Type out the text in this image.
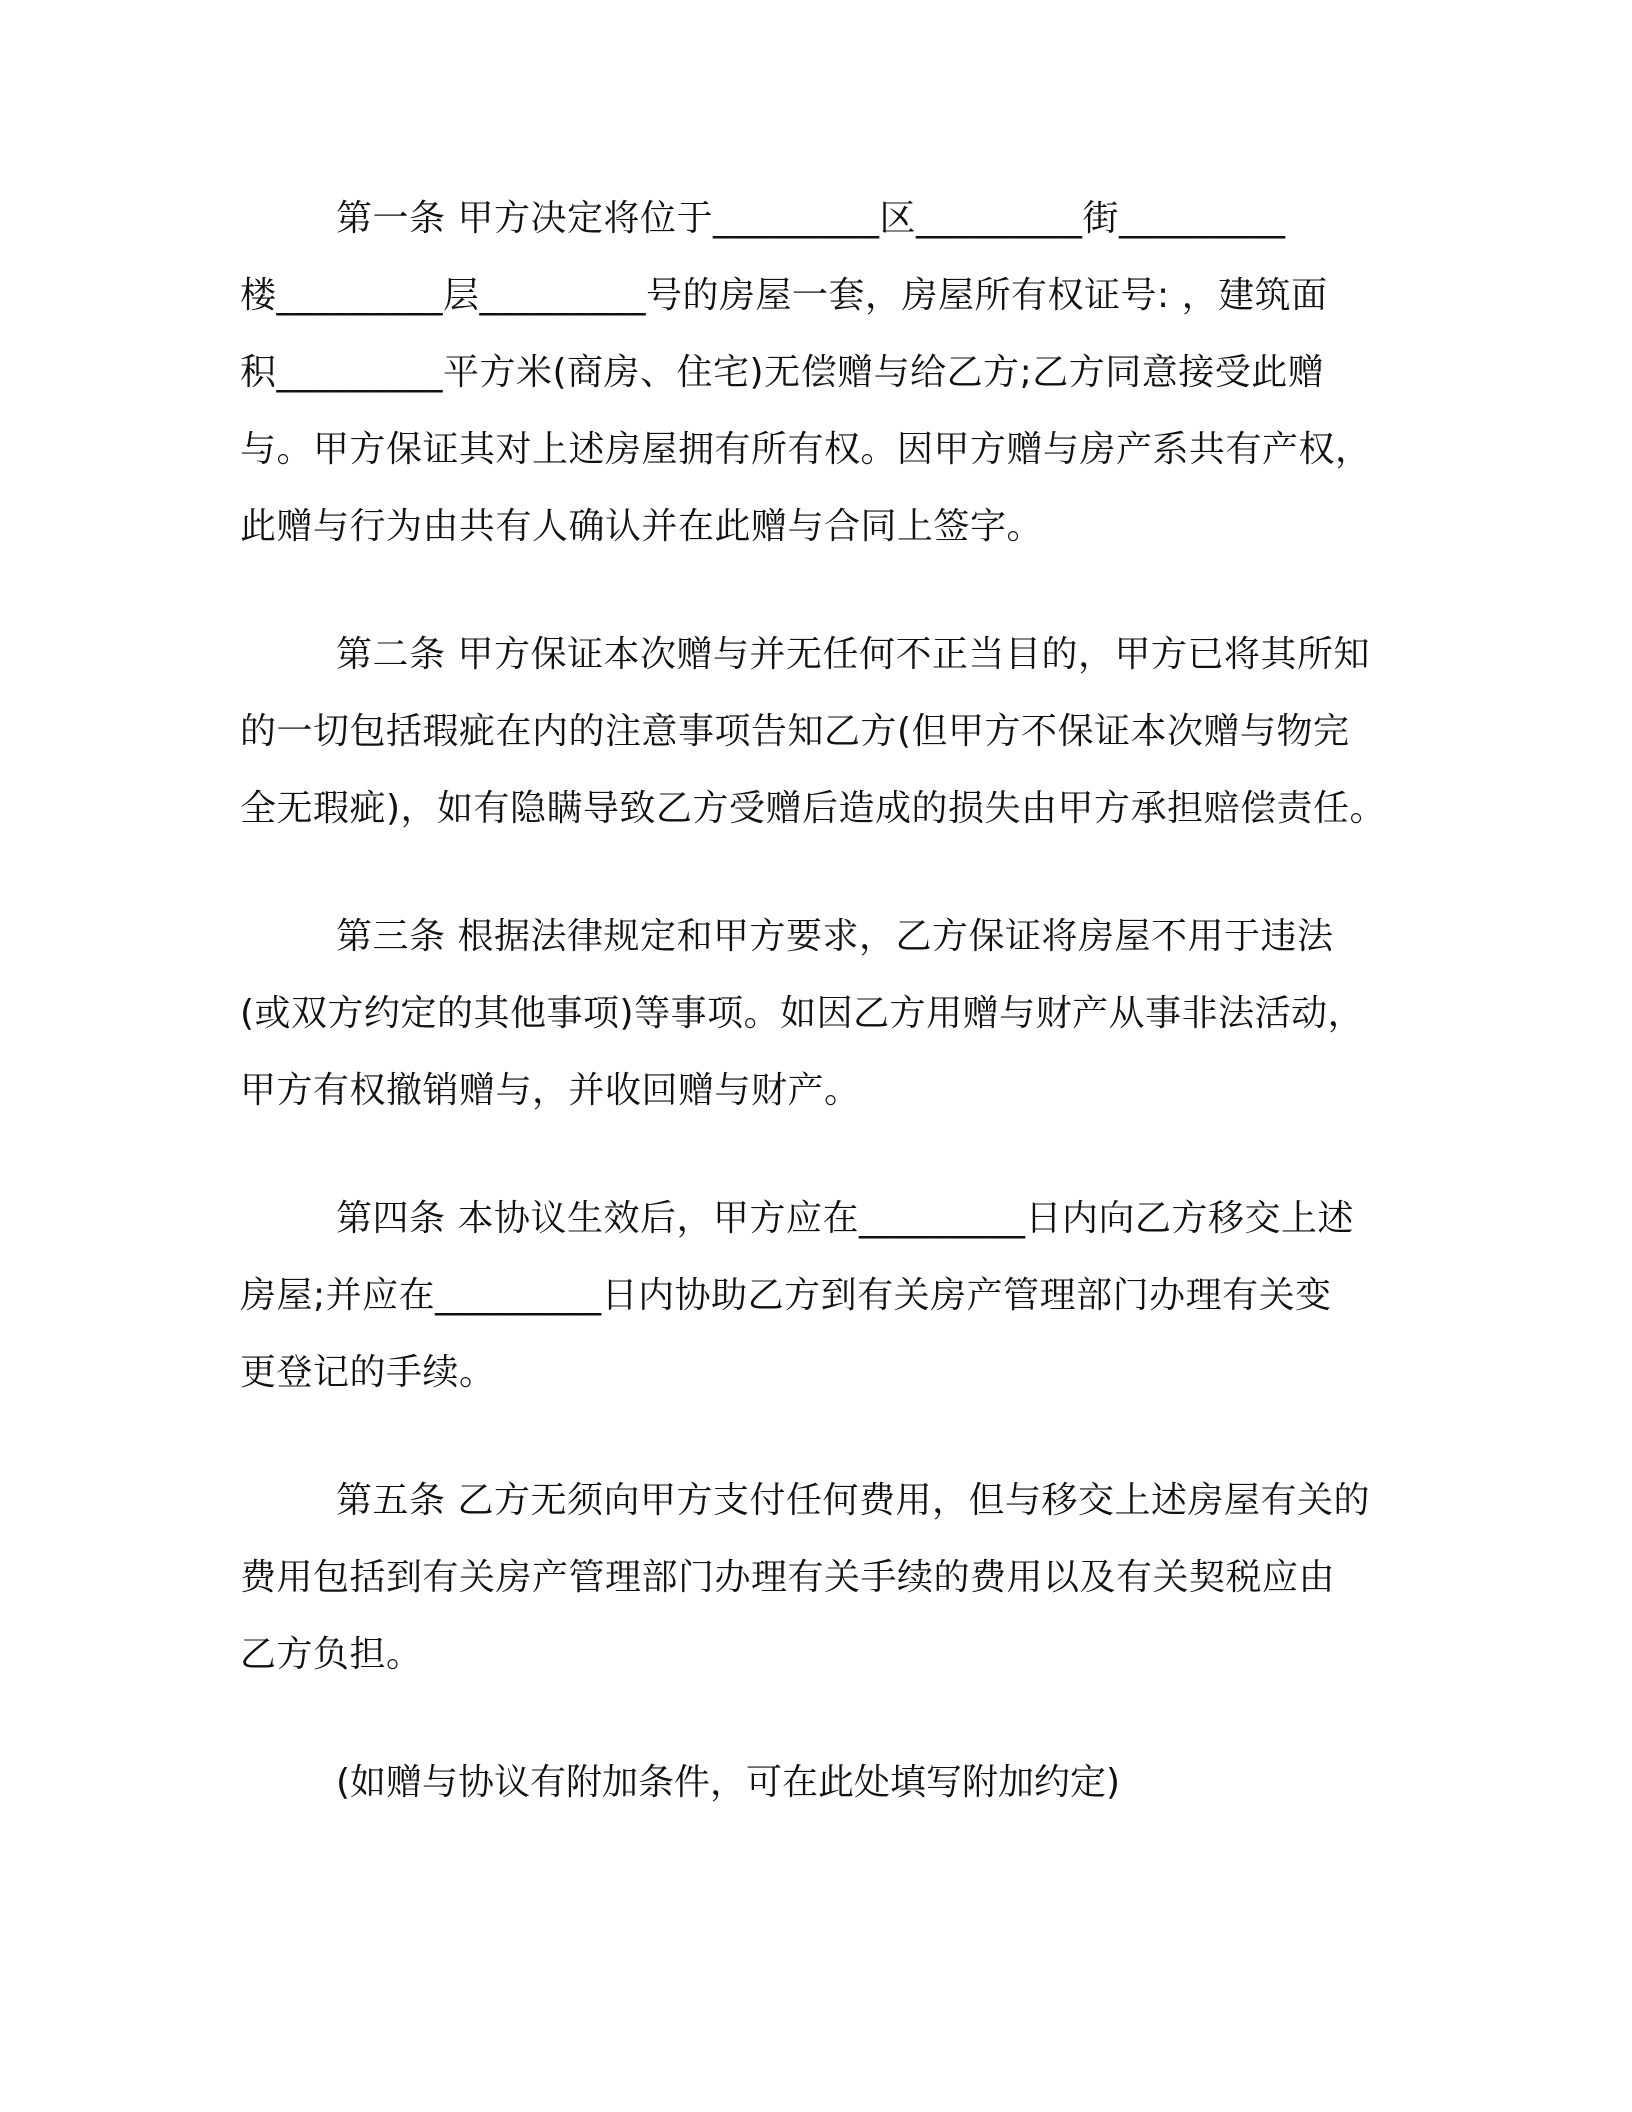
第一条 甲方决定将位于_________区_________街_________
楼_________层_________号的房屋一套，房屋所有权证号: ，建筑面
积_________平方米(商房、住宅)无偿赠与给乙方;乙方同意接受此赠
与。甲方保证其对上述房屋拥有所有权。因甲方赠与房产系共有产权，
此赠与行为由共有人确认并在此赠与合同上签字。
第二条 甲方保证本次赠与并无任何不正当目的，甲方已将其所知
的一切包括瑕疵在内的注意事项告知乙方(但甲方不保证本次赠与物完
全无瑕疵)，如有隐瞒导致乙方受赠后造成的损失由甲方承担赔偿责任。
第三条 根据法律规定和甲方要求，乙方保证将房屋不用于违法
(或双方约定的其他事项)等事项。如因乙方用赠与财产从事非法活动，
甲方有权撤销赠与，并收回赠与财产。
第四条 本协议生效后，甲方应在_________日内向乙方移交上述
房屋;并应在_________日内协助乙方到有关房产管理部门办理有关变
更登记的手续。
第五条 乙方无须向甲方支付任何费用，但与移交上述房屋有关的
费用包括到有关房产管理部门办理有关手续的费用以及有关契税应由
乙方负担。

(如赠与协议有附加条件，可在此处填写附加约定)
